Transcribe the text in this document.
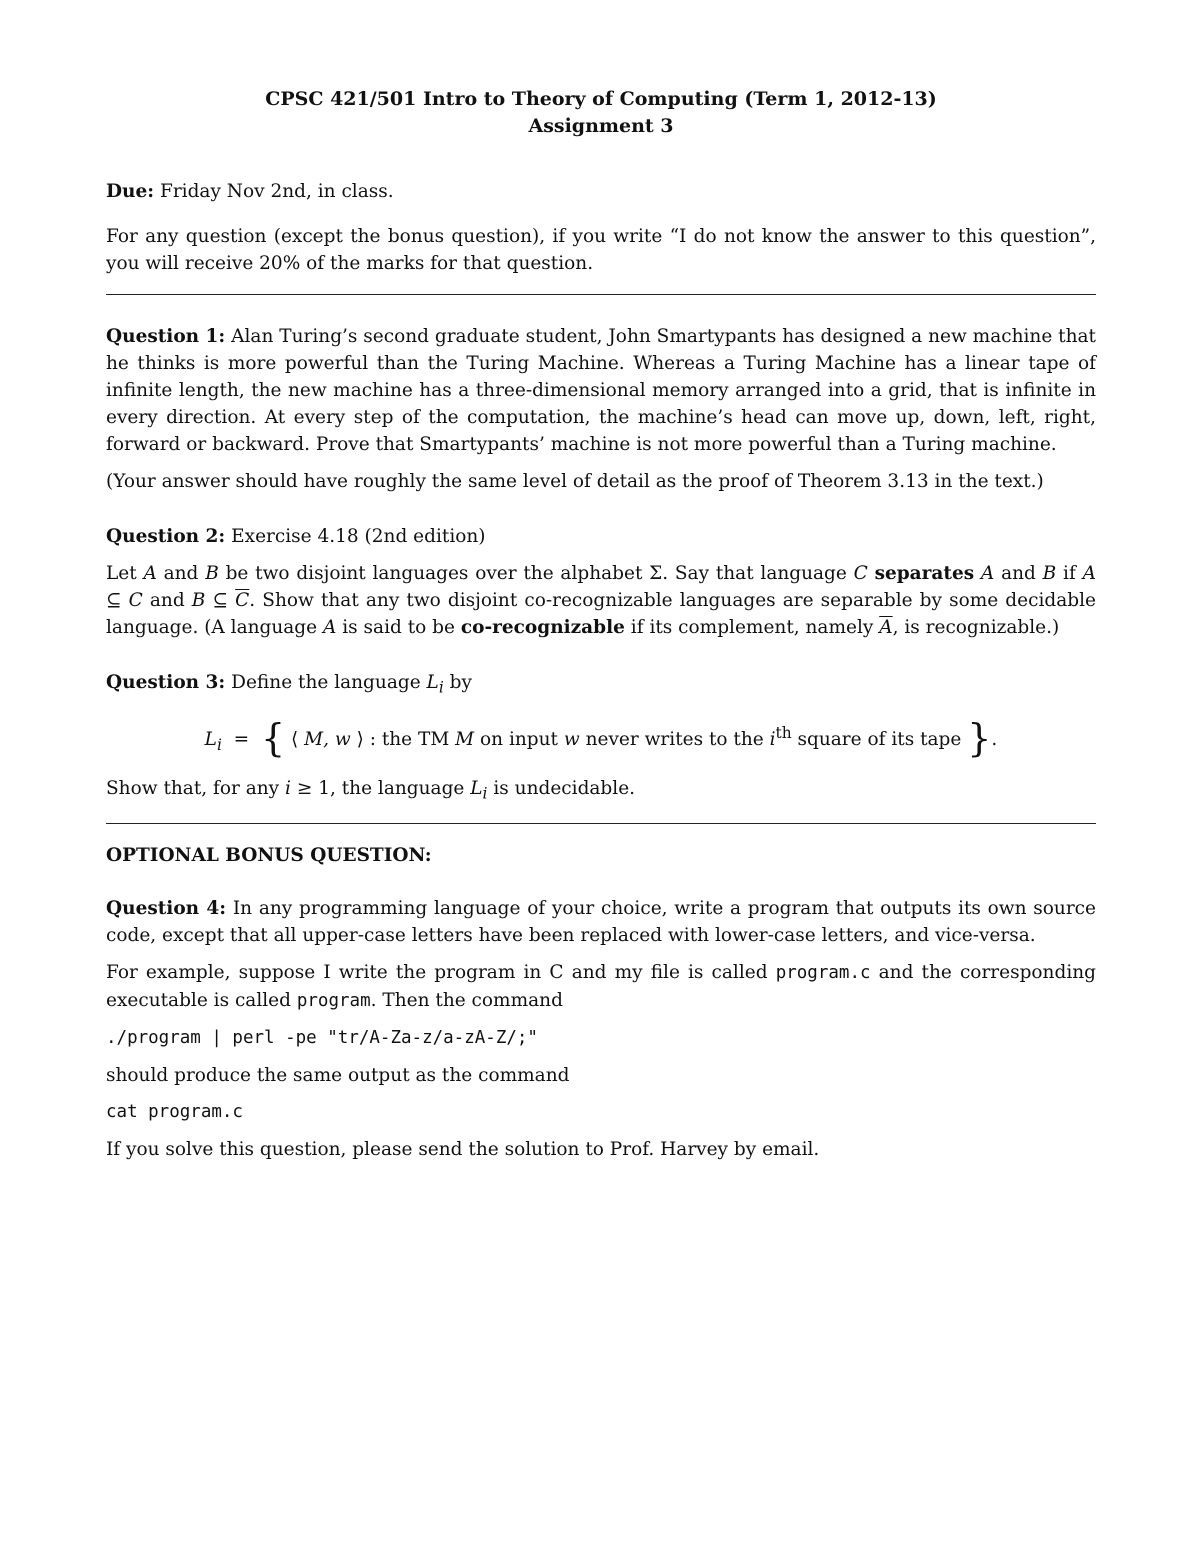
CPSC 421/501 Intro to Theory of Computing (Term 1, 2012-13)
Assignment 3

Due: Friday Nov 2nd, in class.

For any question (except the bonus question), if you write “I do not know the answer to this question”, you will receive 20% of the marks for that question.

Question 1: Alan Turing’s second graduate student, John Smartypants has designed a new machine that he thinks is more powerful than the Turing Machine. Whereas a Turing Machine has a linear tape of infinite length, the new machine has a three-dimensional memory arranged into a grid, that is infinite in every direction. At every step of the computation, the machine’s head can move up, down, left, right, forward or backward. Prove that Smartypants’ machine is not more powerful than a Turing machine.

(Your answer should have roughly the same level of detail as the proof of Theorem 3.13 in the text.)

Question 2: Exercise 4.18 (2nd edition)

Let A and B be two disjoint languages over the alphabet Σ. Say that language C separates A and B if A ⊆ C and B ⊆ $\overline{C}$. Show that any two disjoint co-recognizable languages are separable by some decidable language. (A language A is said to be co-recognizable if its complement, namely $\overline{A}$, is recognizable.)

Question 3: Define the language $L_i$ by

$L_i$ = { ⟨ M, w ⟩ : the TM M on input w never writes to the $i^{th}$ square of its tape }.

Show that, for any i ≥ 1, the language $L_i$ is undecidable.

OPTIONAL BONUS QUESTION:

Question 4: In any programming language of your choice, write a program that outputs its own source code, except that all upper-case letters have been replaced with lower-case letters, and vice-versa.

For example, suppose I write the program in C and my file is called program.c and the corresponding executable is called program. Then the command

./program | perl -pe "tr/A-Za-z/a-zA-Z/;"

should produce the same output as the command

cat program.c

If you solve this question, please send the solution to Prof. Harvey by email.
